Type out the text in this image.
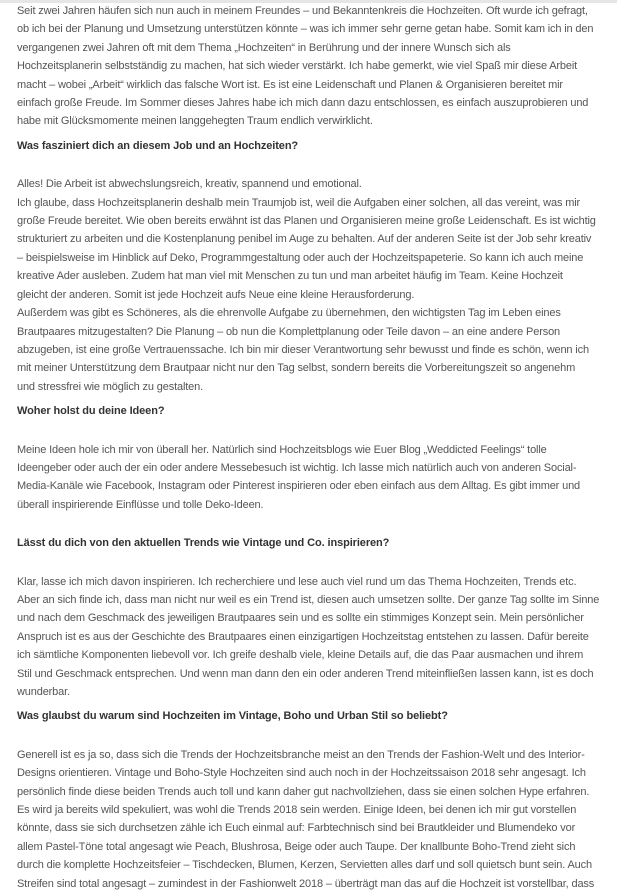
Seit zwei Jahren häufen sich nun auch in meinem Freundes – und Bekanntenkreis die Hochzeiten. Oft wurde ich gefragt,
ob ich bei der Planung und Umsetzung unterstützen könnte – was ich immer sehr gerne getan habe. Somit kam ich in den
vergangenen zwei Jahren oft mit dem Thema „Hochzeiten“ in Berührung und der innere Wunsch sich als
Hochzeitsplanerin selbstständig zu machen, hat sich wieder verstärkt. Ich habe gemerkt, wie viel Spaß mir diese Arbeit
macht – wobei „Arbeit“ wirklich das falsche Wort ist. Es ist eine Leidenschaft und Planen & Organisieren bereitet mir
einfach große Freude. Im Sommer dieses Jahres habe ich mich dann dazu entschlossen, es einfach auszuprobieren und
habe mit Glücksmomente meinen langgehegten Traum endlich verwirklicht.

Was fasziniert dich an diesem Job und an Hochzeiten?

Alles! Die Arbeit ist abwechslungsreich, kreativ, spannend und emotional.
Ich glaube, dass Hochzeitsplanerin deshalb mein Traumjob ist, weil die Aufgaben einer solchen, all das vereint, was mir
große Freude bereitet. Wie oben bereits erwähnt ist das Planen und Organisieren meine große Leidenschaft. Es ist wichtig
strukturiert zu arbeiten und die Kostenplanung penibel im Auge zu behalten. Auf der anderen Seite ist der Job sehr kreativ
– beispielsweise im Hinblick auf Deko, Programmgestaltung oder auch der Hochzeitspapeterie. So kann ich auch meine
kreative Ader ausleben. Zudem hat man viel mit Menschen zu tun und man arbeitet häufig im Team. Keine Hochzeit
gleicht der anderen. Somit ist jede Hochzeit aufs Neue eine kleine Herausforderung.
Außerdem was gibt es Schöneres, als die ehrenvolle Aufgabe zu übernehmen, den wichtigsten Tag im Leben eines
Brautpaares mitzugestalten? Die Planung – ob nun die Komplettplanung oder Teile davon – an eine andere Person
abzugeben, ist eine große Vertrauenssache. Ich bin mir dieser Verantwortung sehr bewusst und finde es schön, wenn ich
mit meiner Unterstützung dem Brautpaar nicht nur den Tag selbst, sondern bereits die Vorbereitungszeit so angenehm
und stressfrei wie möglich zu gestalten.

Woher holst du deine Ideen?

Meine Ideen hole ich mir von überall her. Natürlich sind Hochzeitsblogs wie Euer Blog „Weddicted Feelings“ tolle
Ideengeber oder auch der ein oder andere Messebesuch ist wichtig. Ich lasse mich natürlich auch von anderen Social-
Media-Kanäle wie Facebook, Instagram oder Pinterest inspirieren oder eben einfach aus dem Alltag. Es gibt immer und
überall inspirierende Einflüsse und tolle Deko-Ideen.

Lässt du dich von den aktuellen Trends wie Vintage und Co. inspirieren?

Klar, lasse ich mich davon inspirieren. Ich recherchiere und lese auch viel rund um das Thema Hochzeiten, Trends etc.
Aber an sich finde ich, dass man nicht nur weil es ein Trend ist, diesen auch umsetzen sollte. Der ganze Tag sollte im Sinne
und nach dem Geschmack des jeweiligen Brautpaares sein und es sollte ein stimmiges Konzept sein. Mein persönlicher
Anspruch ist es aus der Geschichte des Brautpaares einen einzigartigen Hochzeitstag entstehen zu lassen. Dafür bereite
ich sämtliche Komponenten liebevoll vor. Ich greife deshalb viele, kleine Details auf, die das Paar ausmachen und ihrem
Stil und Geschmack entsprechen. Und wenn man dann den ein oder anderen Trend miteinfließen lassen kann, ist es doch
wunderbar.

Was glaubst du warum sind Hochzeiten im Vintage, Boho und Urban Stil so beliebt?

Generell ist es ja so, dass sich die Trends der Hochzeitsbranche meist an den Trends der Fashion-Welt und des Interior-
Designs orientieren. Vintage und Boho-Style Hochzeiten sind auch noch in der Hochzeitssaison 2018 sehr angesagt. Ich
persönlich finde diese beiden Trends auch toll und kann daher gut nachvollziehen, dass sie einen solchen Hype erfahren.
Es wird ja bereits wild spekuliert, was wohl die Trends 2018 sein werden. Einige Ideen, bei denen ich mir gut vorstellen
könnte, dass sie sich durchsetzen zähle ich Euch einmal auf: Farbtechnisch sind bei Brautkleider und Blumendeko vor
allem Pastel-Töne total angesagt wie Peach, Blushrosa, Beige oder auch Taupe. Der knallbunte Boho-Trend zieht sich
durch die komplette Hochzeitsfeier – Tischdecken, Blumen, Kerzen, Servietten alles darf und soll quietsch bunt sein. Auch
Streifen sind total angesagt – zumindest in der Fashionwelt 2018 – überträgt man das auf die Hochzeit ist vorstellbar, dass
